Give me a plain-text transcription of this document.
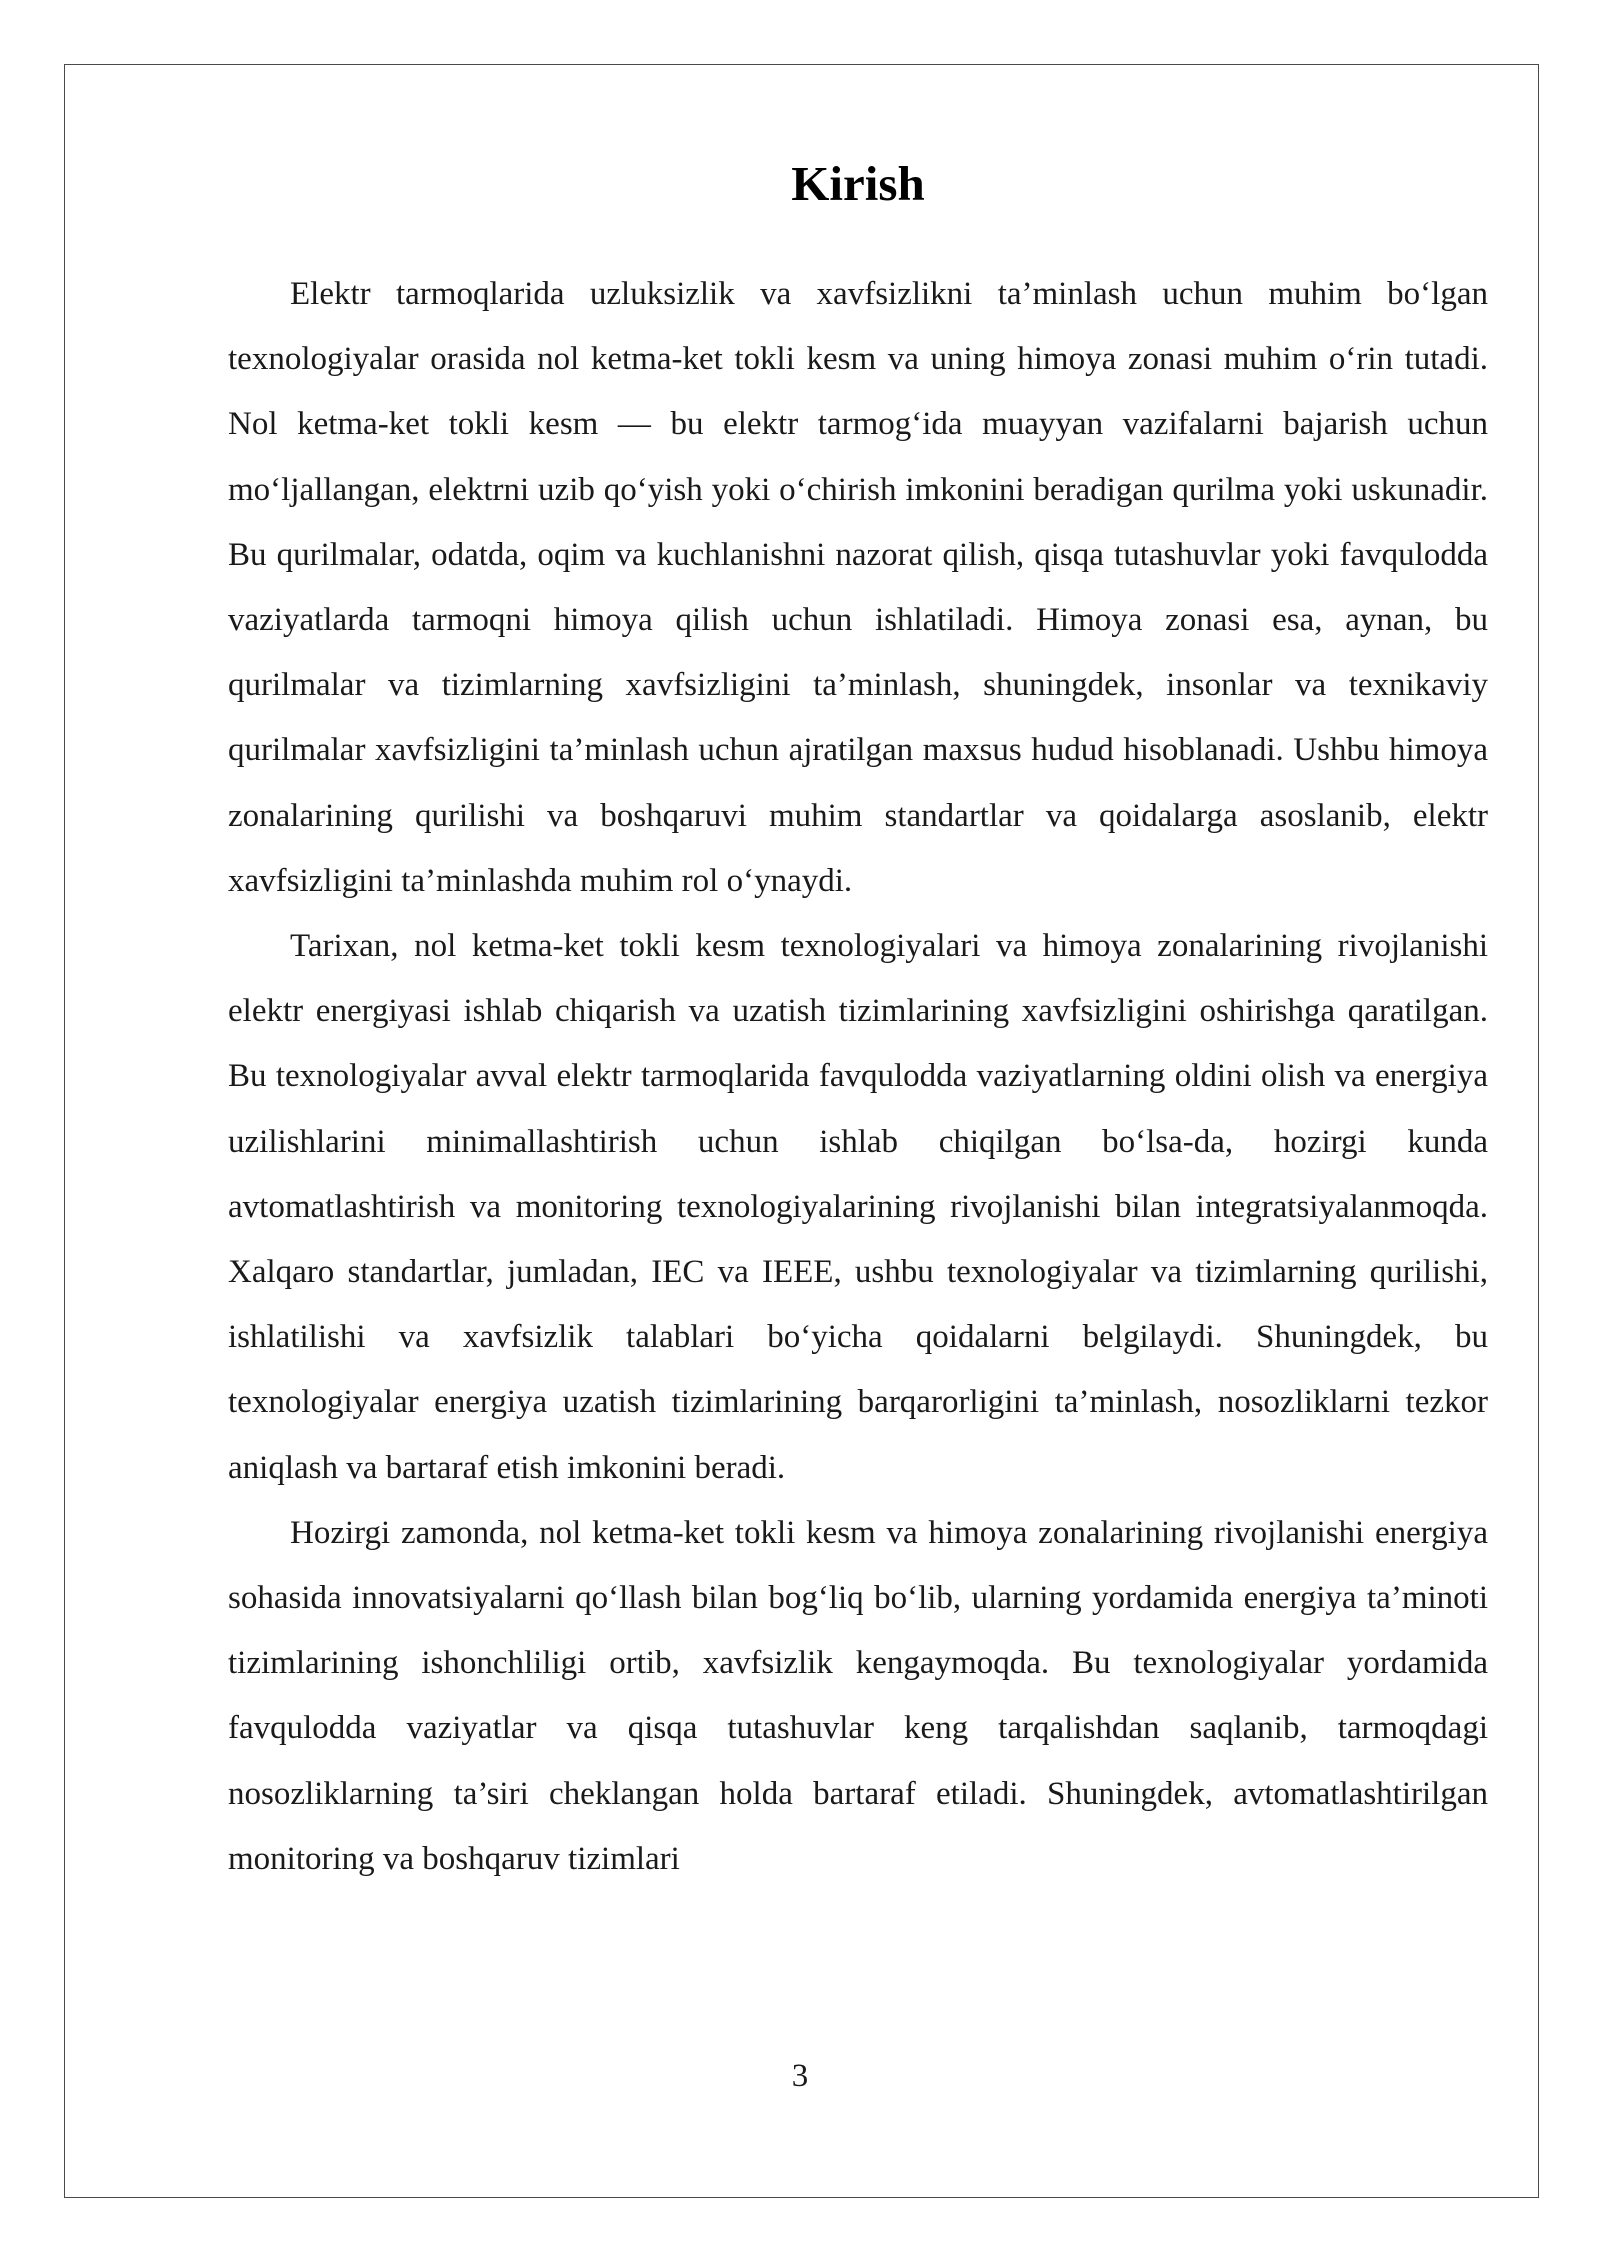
Kirish

Elektr tarmoqlarida uzluksizlik va xavfsizlikni ta’minlash uchun muhim bo‘lgan texnologiyalar orasida nol ketma-ket tokli kesm va uning himoya zonasi muhim o‘rin tutadi. Nol ketma-ket tokli kesm — bu elektr tarmog‘ida muayyan vazifalarni bajarish uchun mo‘ljallangan, elektrni uzib qo‘yish yoki o‘chirish imkonini beradigan qurilma yoki uskunadir. Bu qurilmalar, odatda, oqim va kuchlanishni nazorat qilish, qisqa tutashuvlar yoki favqulodda vaziyatlarda tarmoqni himoya qilish uchun ishlatiladi. Himoya zonasi esa, aynan, bu qurilmalar va tizimlarning xavfsizligini ta’minlash, shuningdek, insonlar va texnikaviy qurilmalar xavfsizligini ta’minlash uchun ajratilgan maxsus hudud hisoblanadi. Ushbu himoya zonalarining qurilishi va boshqaruvi muhim standartlar va qoidalarga asoslanib, elektr xavfsizligini ta’minlashda muhim rol o‘ynaydi.

Tarixan, nol ketma-ket tokli kesm texnologiyalari va himoya zonalarining rivojlanishi elektr energiyasi ishlab chiqarish va uzatish tizimlarining xavfsizligini oshirishga qaratilgan. Bu texnologiyalar avval elektr tarmoqlarida favqulodda vaziyatlarning oldini olish va energiya uzilishlarini minimallashtirish uchun ishlab chiqilgan bo‘lsa-da, hozirgi kunda avtomatlashtirish va monitoring texnologiyalarining rivojlanishi bilan integratsiyalanmoqda. Xalqaro standartlar, jumladan, IEC va IEEE, ushbu texnologiyalar va tizimlarning qurilishi, ishlatilishi va xavfsizlik talablari bo‘yicha qoidalarni belgilaydi. Shuningdek, bu texnologiyalar energiya uzatish tizimlarining barqarorligini ta’minlash, nosozliklarni tezkor aniqlash va bartaraf etish imkonini beradi.

Hozirgi zamonda, nol ketma-ket tokli kesm va himoya zonalarining rivojlanishi energiya sohasida innovatsiyalarni qo‘llash bilan bog‘liq bo‘lib, ularning yordamida energiya ta’minoti tizimlarining ishonchliligi ortib, xavfsizlik kengaymoqda. Bu texnologiyalar yordamida favqulodda vaziyatlar va qisqa tutashuvlar keng tarqalishdan saqlanib, tarmoqdagi nosozliklarning ta’siri cheklangan holda bartaraf etiladi. Shuningdek, avtomatlashtirilgan monitoring va boshqaruv tizimlari

3
